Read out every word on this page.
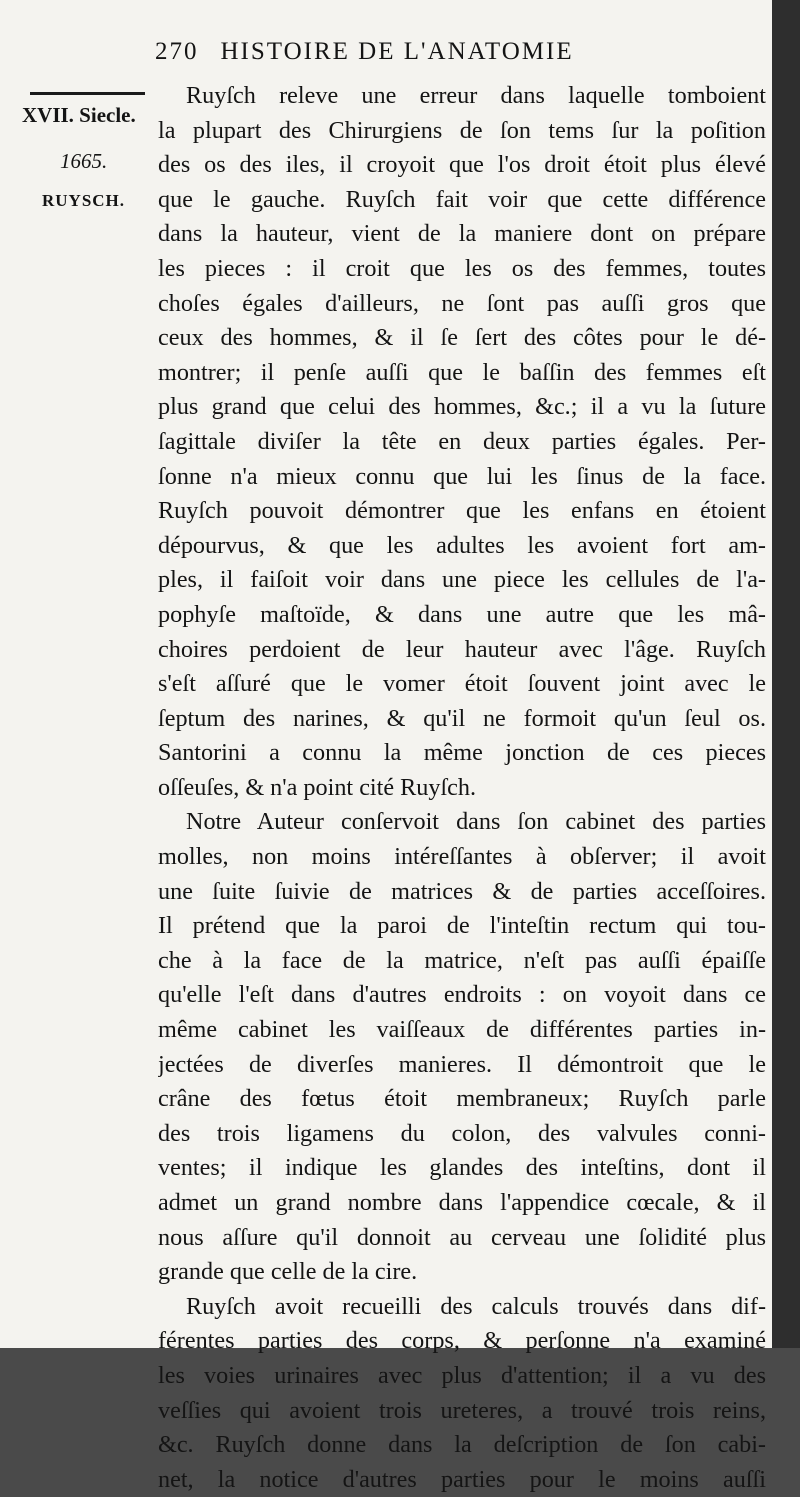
270 HISTOIRE DE L'ANATOMIE
XVII. Siecle.
1665.
RUYSCH.
Ruyſch releve une erreur dans laquelle tomboient
la plupart des Chirurgiens de ſon tems ſur la poſition
des os des iles, il croyoit que l'os droit étoit plus élevé
que le gauche. Ruyſch fait voir que cette différence
dans la hauteur, vient de la maniere dont on prépare
les pieces : il croit que les os des femmes, toutes
choſes égales d'ailleurs, ne ſont pas auſſi gros que
ceux des hommes, & il ſe ſert des côtes pour le dé-
montrer; il penſe auſſi que le baſſin des femmes eſt
plus grand que celui des hommes, &c.; il a vu la ſuture
ſagittale diviſer la tête en deux parties égales. Per-
ſonne n'a mieux connu que lui les ſinus de la face.
Ruyſch pouvoit démontrer que les enfans en étoient
dépourvus, & que les adultes les avoient fort am-
ples, il faiſoit voir dans une piece les cellules de l'a-
pophyſe maſtoïde, & dans une autre que les mâ-
choires perdoient de leur hauteur avec l'âge. Ruyſch
s'eſt aſſuré que le vomer étoit ſouvent joint avec le
ſeptum des narines, & qu'il ne formoit qu'un ſeul os.
Santorini a connu la même jonction de ces pieces
oſſeuſes, & n'a point cité Ruyſch.
Notre Auteur conſervoit dans ſon cabinet des parties
molles, non moins intéreſſantes à obſerver; il avoit
une ſuite ſuivie de matrices & de parties acceſſoires.
Il prétend que la paroi de l'inteſtin rectum qui tou-
che à la face de la matrice, n'eſt pas auſſi épaiſſe
qu'elle l'eſt dans d'autres endroits : on voyoit dans ce
même cabinet les vaiſſeaux de différentes parties in-
jectées de diverſes manieres. Il démontroit que le
crâne des fœtus étoit membraneux; Ruyſch parle
des trois ligamens du colon, des valvules conni-
ventes; il indique les glandes des inteſtins, dont il
admet un grand nombre dans l'appendice cœcale, & il
nous aſſure qu'il donnoit au cerveau une ſolidité plus
grande que celle de la cire.
Ruyſch avoit recueilli des calculs trouvés dans dif-
férentes parties des corps, & perſonne n'a examiné
les voies urinaires avec plus d'attention; il a vu des
veſſies qui avoient trois ureteres, a trouvé trois reins,
&c. Ruyſch donne dans la deſcription de ſon cabi-
net, la notice d'autres parties pour le moins auſſi
